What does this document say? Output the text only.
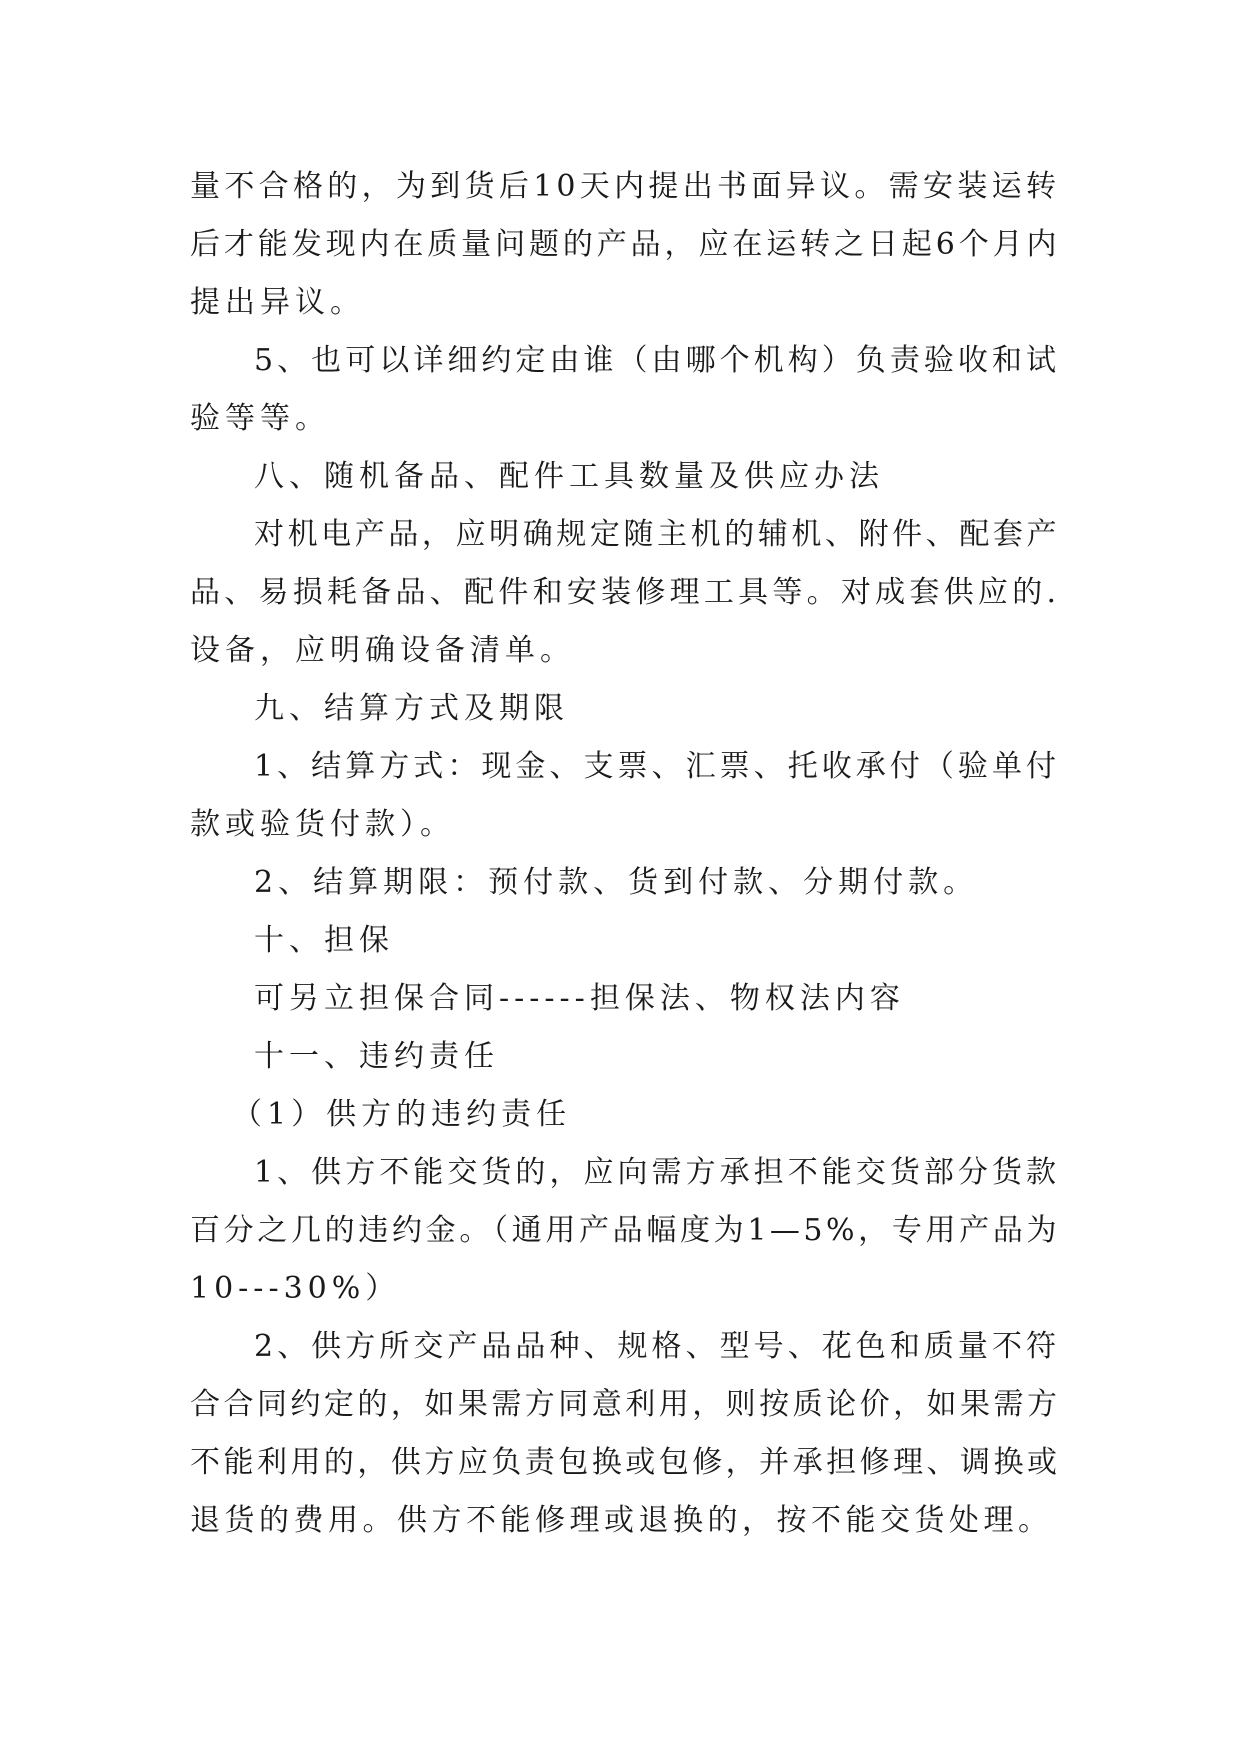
量不合格的，为到货后10天内提出书面异议。需安装运转
后才能发现内在质量问题的产品，应在运转之日起6个月内
提出异议。
5、也可以详细约定由谁（由哪个机构）负责验收和试
验等等。
八、随机备品、配件工具数量及供应办法
对机电产品，应明确规定随主机的辅机、附件、配套产
品、易损耗备品、配件和安装修理工具等。对成套供应的.
设备，应明确设备清单。
九、结算方式及期限
1、结算方式：现金、支票、汇票、托收承付（验单付
款或验货付款）。
2、结算期限：预付款、货到付款、分期付款。
十、担保
可另立担保合同------担保法、物权法内容
十一、违约责任
（1）供方的违约责任
1、供方不能交货的，应向需方承担不能交货部分货款
百分之几的违约金。（通用产品幅度为1—5%，专用产品为
10---30%）
2、供方所交产品品种、规格、型号、花色和质量不符
合合同约定的，如果需方同意利用，则按质论价，如果需方
不能利用的，供方应负责包换或包修，并承担修理、调换或
退货的费用。供方不能修理或退换的，按不能交货处理。
